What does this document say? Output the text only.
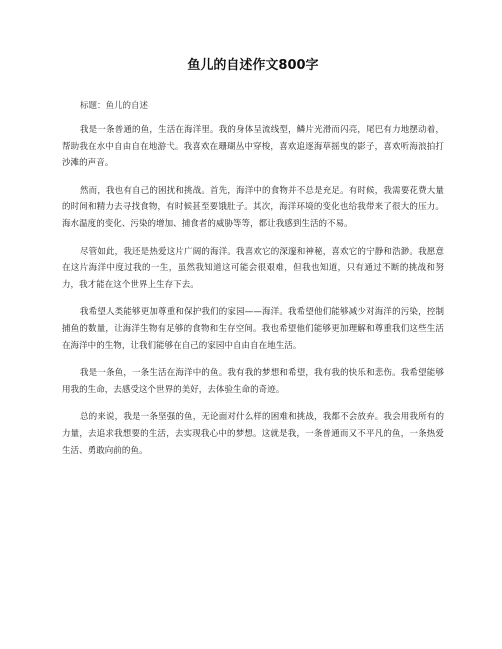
鱼儿的自述作文800字

标题：鱼儿的自述

我是一条普通的鱼，生活在海洋里。我的身体呈流线型，鳞片光滑而闪亮，尾巴有力地摆动着，帮助我在水中自由自在地游弋。我喜欢在珊瑚丛中穿梭，喜欢追逐海草摇曳的影子，喜欢听海浪拍打沙滩的声音。

然而，我也有自己的困扰和挑战。首先，海洋中的食物并不总是充足。有时候，我需要花费大量的时间和精力去寻找食物，有时候甚至要饿肚子。其次，海洋环境的变化也给我带来了很大的压力。海水温度的变化、污染的增加、捕食者的威胁等等，都让我感到生活的不易。

尽管如此，我还是热爱这片广阔的海洋。我喜欢它的深邃和神秘，喜欢它的宁静和浩渺。我愿意在这片海洋中度过我的一生，虽然我知道这可能会很艰难，但我也知道，只有通过不断的挑战和努力，我才能在这个世界上生存下去。

我希望人类能够更加尊重和保护我们的家园——海洋。我希望他们能够减少对海洋的污染，控制捕鱼的数量，让海洋生物有足够的食物和生存空间。我也希望他们能够更加理解和尊重我们这些生活在海洋中的生物，让我们能够在自己的家园中自由自在地生活。

我是一条鱼，一条生活在海洋中的鱼。我有我的梦想和希望，我有我的快乐和悲伤。我希望能够用我的生命，去感受这个世界的美好，去体验生命的奇迹。

总的来说，我是一条坚强的鱼，无论面对什么样的困难和挑战，我都不会放弃。我会用我所有的力量，去追求我想要的生活，去实现我心中的梦想。这就是我，一条普通而又不平凡的鱼，一条热爱生活、勇敢向前的鱼。
